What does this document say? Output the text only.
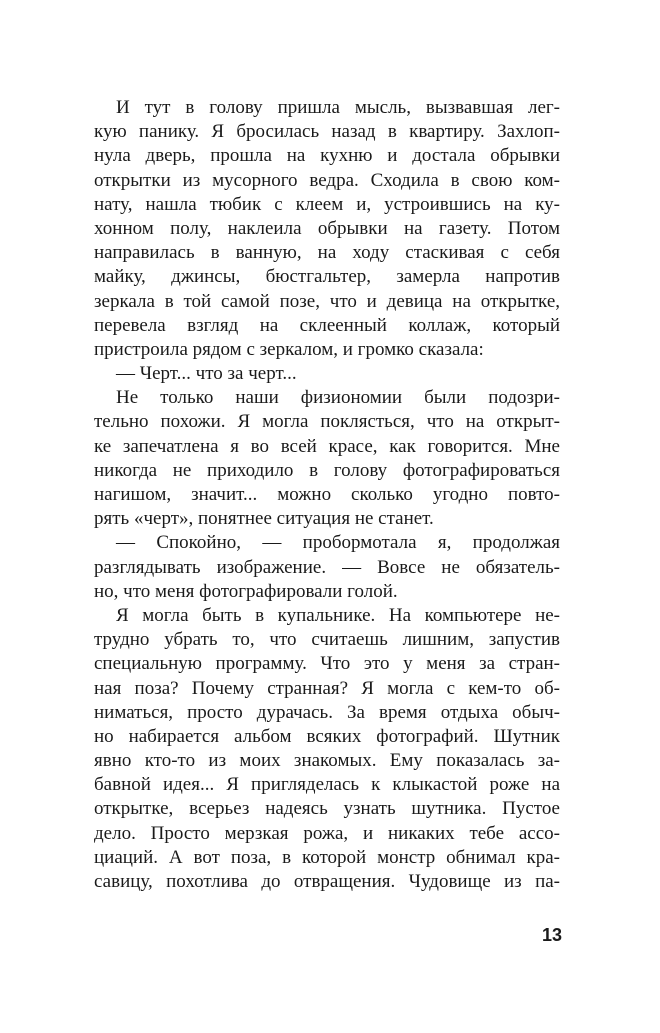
И тут в голову пришла мысль, вызвавшая лег-
кую панику. Я бросилась назад в квартиру. Захлоп-
нула дверь, прошла на кухню и достала обрывки
открытки из мусорного ведра. Сходила в свою ком-
нату, нашла тюбик с клеем и, устроившись на ку-
хонном полу, наклеила обрывки на газету. Потом
направилась в ванную, на ходу стаскивая с себя
майку, джинсы, бюстгальтер, замерла напротив
зеркала в той самой позе, что и девица на открытке,
перевела взгляд на склеенный коллаж, который
пристроила рядом с зеркалом, и громко сказала:
— Черт... что за черт...
Не только наши физиономии были подозри-
тельно похожи. Я могла поклясться, что на открыт-
ке запечатлена я во всей красе, как говорится. Мне
никогда не приходило в голову фотографироваться
нагишом, значит... можно сколько угодно повто-
рять «черт», понятнее ситуация не станет.
— Спокойно, — пробормотала я, продолжая
разглядывать изображение. — Вовсе не обязатель-
но, что меня фотографировали голой.
Я могла быть в купальнике. На компьютере не-
трудно убрать то, что считаешь лишним, запустив
специальную программу. Что это у меня за стран-
ная поза? Почему странная? Я могла с кем-то об-
ниматься, просто дурачась. За время отдыха обыч-
но набирается альбом всяких фотографий. Шутник
явно кто-то из моих знакомых. Ему показалась за-
бавной идея... Я пригляделась к клыкастой роже на
открытке, всерьез надеясь узнать шутника. Пустое
дело. Просто мерзкая рожа, и никаких тебе ассо-
циаций. А вот поза, в которой монстр обнимал кра-
савицу, похотлива до отвращения. Чудовище из па-
13
